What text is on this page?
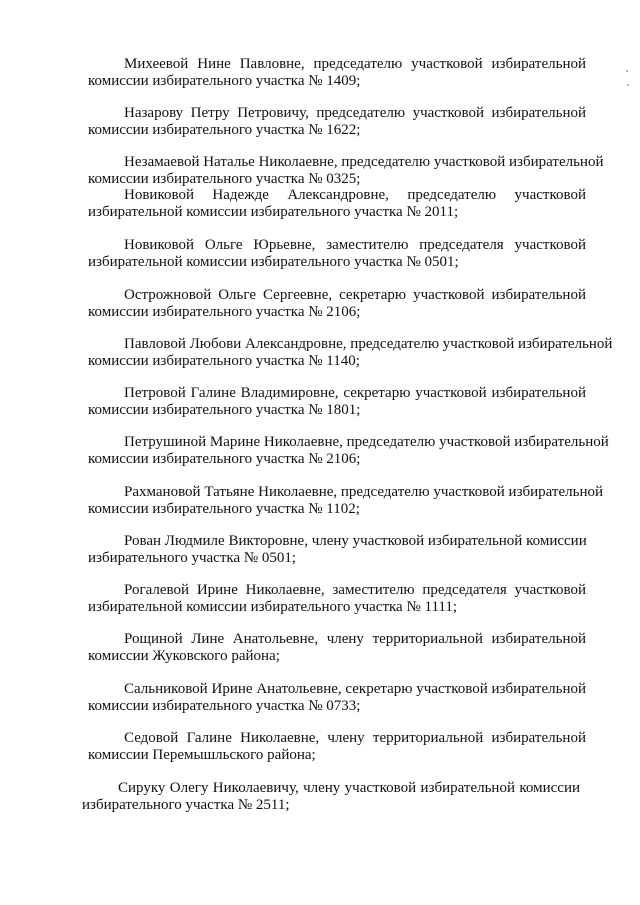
Михеевой Нине Павловне, председателю участковой избирательной
комиссии избирательного участка № 1409;
Назарову Петру Петровичу, председателю участковой избирательной
комиссии избирательного участка № 1622;
Незамаевой Наталье Николаевне, председателю участковой избирательной
комиссии избирательного участка № 0325;
Новиковой Надежде Александровне, председателю участковой
избирательной комиссии избирательного участка № 2011;
Новиковой Ольге Юрьевне, заместителю председателя участковой
избирательной комиссии избирательного участка № 0501;
Острожновой Ольге Сергеевне, секретарю участковой избирательной
комиссии избирательного участка № 2106;
Павловой Любови Александровне, председателю участковой избирательной
комиссии избирательного участка № 1140;
Петровой Галине Владимировне, секретарю участковой избирательной
комиссии избирательного участка № 1801;
Петрушиной Марине Николаевне, председателю участковой избирательной
комиссии избирательного участка № 2106;
Рахмановой Татьяне Николаевне, председателю участковой избирательной
комиссии избирательного участка № 1102;
Рован Людмиле Викторовне, члену участковой избирательной комиссии
избирательного участка № 0501;
Рогалевой Ирине Николаевне, заместителю председателя участковой
избирательной комиссии избирательного участка № 1111;
Рощиной Лине Анатольевне, члену территориальной избирательной
комиссии Жуковского района;
Сальниковой Ирине Анатольевне, секретарю участковой избирательной
комиссии избирательного участка № 0733;
Седовой Галине Николаевне, члену территориальной избирательной
комиссии Перемышльского района;
Сируку Олегу Николаевичу, члену участковой избирательной комиссии
избирательного участка № 2511;
